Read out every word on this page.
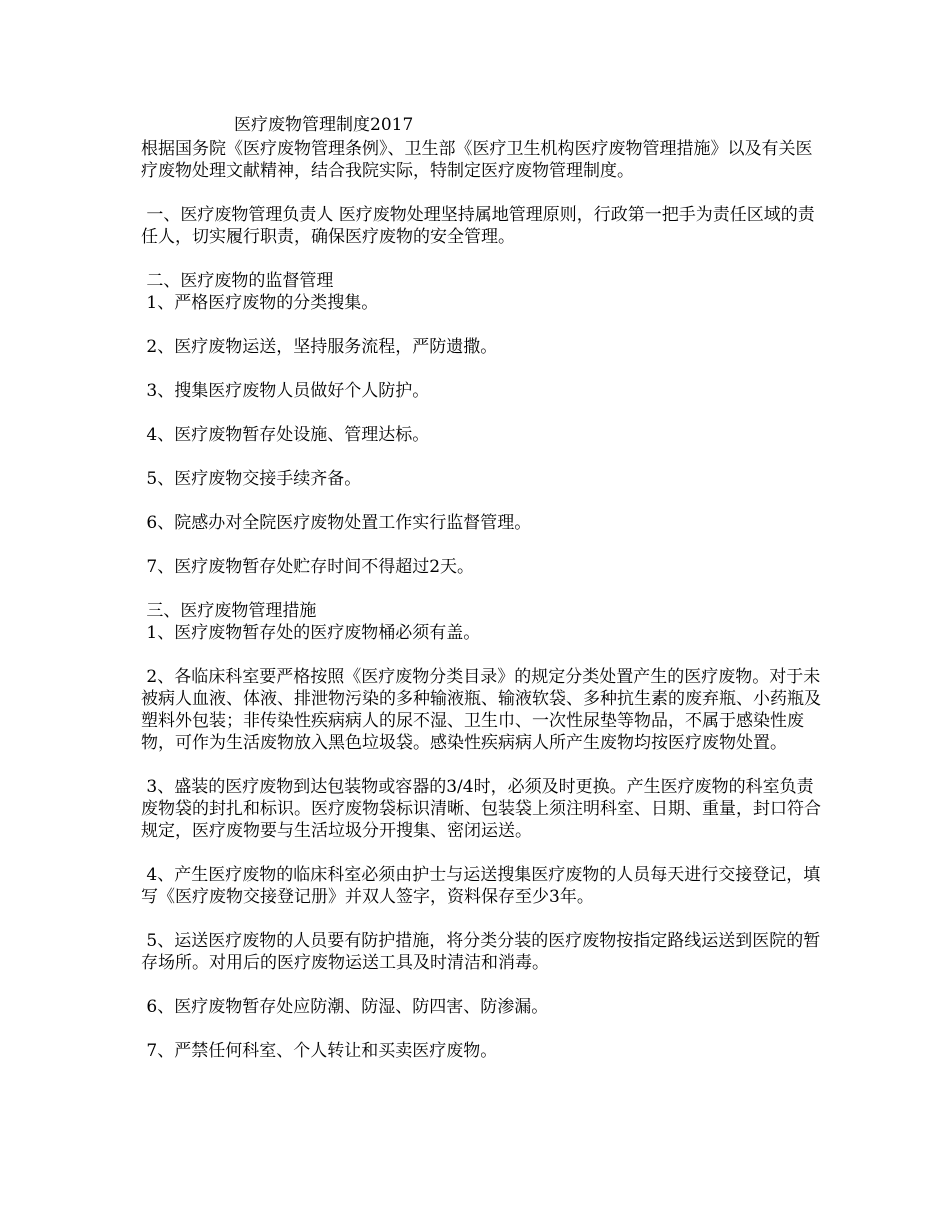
医疗废物管理制度2017

根据国务院《医疗废物管理条例》、卫生部《医疗卫生机构医疗废物管理措施》以及有关医疗废物处理文献精神，结合我院实际，特制定医疗废物管理制度。

一、医疗废物管理负责人 医疗废物处理坚持属地管理原则，行政第一把手为责任区域的责任人，切实履行职责，确保医疗废物的安全管理。

二、医疗废物的监督管理

1、严格医疗废物的分类搜集。

2、医疗废物运送，坚持服务流程，严防遗撒。

3、搜集医疗废物人员做好个人防护。

4、医疗废物暂存处设施、管理达标。

5、医疗废物交接手续齐备。

6、院感办对全院医疗废物处置工作实行监督管理。

7、医疗废物暂存处贮存时间不得超过2天。

三、医疗废物管理措施

1、医疗废物暂存处的医疗废物桶必须有盖。

2、各临床科室要严格按照《医疗废物分类目录》的规定分类处置产生的医疗废物。对于未被病人血液、体液、排泄物污染的多种输液瓶、输液软袋、多种抗生素的废弃瓶、小药瓶及塑料外包装；非传染性疾病病人的尿不湿、卫生巾、一次性尿垫等物品，不属于感染性废物，可作为生活废物放入黑色垃圾袋。感染性疾病病人所产生废物均按医疗废物处置。

3、盛装的医疗废物到达包装物或容器的3/4时，必须及时更换。产生医疗废物的科室负责废物袋的封扎和标识。医疗废物袋标识清晰、包装袋上须注明科室、日期、重量，封口符合规定，医疗废物要与生活垃圾分开搜集、密闭运送。

4、产生医疗废物的临床科室必须由护士与运送搜集医疗废物的人员每天进行交接登记，填写《医疗废物交接登记册》并双人签字，资料保存至少3年。

5、运送医疗废物的人员要有防护措施，将分类分装的医疗废物按指定路线运送到医院的暂存场所。对用后的医疗废物运送工具及时清洁和消毒。

6、医疗废物暂存处应防潮、防湿、防四害、防渗漏。

7、严禁任何科室、个人转让和买卖医疗废物。
